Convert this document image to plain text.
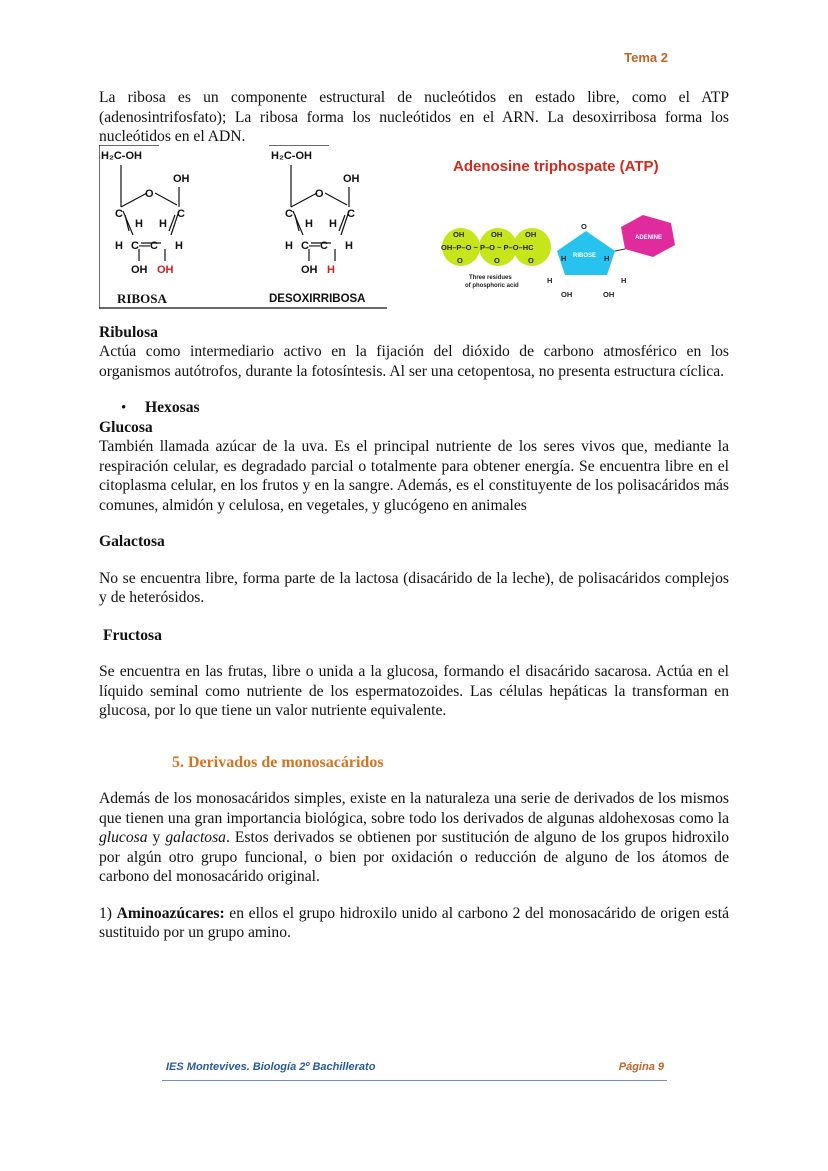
Tema 2

La ribosa es un componente estructural de nucleótidos en estado libre, como el ATP (adenosintrifosfato); La ribosa forma los nucleótidos en el ARN. La desoxirribosa forma los nucleótidos en el ADN.

H₂C-OH
OH
O
C	C
H H
H C—C H
OH OH
H₂C-OH
OH
O
C	C
H H
H C—C H
OH H
RIBOSA	DESOXIRRIBOSA
Adenosine triphospate (ATP)
OH	OH	OH
OH–P–O ~ P–O ~ P–O–HC
O	O	O
O
H	H
H	H
OH	OH
Three residues
of phosphoric acid
RIBOSE
ADENINE

Ribulosa

Actúa como intermediario activo en la fijación del dióxido de carbono atmosférico en los organismos autótrofos, durante la fotosíntesis. Al ser una cetopentosa, no presenta estructura cíclica.

•	Hexosas

Glucosa

También llamada azúcar de la uva. Es el principal nutriente de los seres vivos que, mediante la respiración celular, es degradado parcial o totalmente para obtener energía. Se encuentra libre en el citoplasma celular, en los frutos y en la sangre. Además, es el constituyente de los polisacáridos más comunes, almidón y celulosa, en vegetales, y glucógeno en animales

Galactosa

No se encuentra libre, forma parte de la lactosa (disacárido de la leche), de polisacáridos complejos y de heterósidos.

Fructosa

Se encuentra en las frutas, libre o unida a la glucosa, formando el disacárido sacarosa. Actúa en el líquido seminal como nutriente de los espermatozoides. Las células hepáticas la transforman en glucosa, por lo que tiene un valor nutriente equivalente.

5. Derivados de monosacáridos

Además de los monosacáridos simples, existe en la naturaleza una serie de derivados de los mismos que tienen una gran importancia biológica, sobre todo los derivados de algunas aldohexosas como la glucosa y galactosa. Estos derivados se obtienen por sustitución de alguno de los grupos hidroxilo por algún otro grupo funcional, o bien por oxidación o reducción de alguno de los átomos de carbono del monosacárido original.

1) Aminoazúcares: en ellos el grupo hidroxilo unido al carbono 2 del monosacárido de origen está sustituido por un grupo amino.

IES Montevives. Biología 2º Bachillerato	Página 9
